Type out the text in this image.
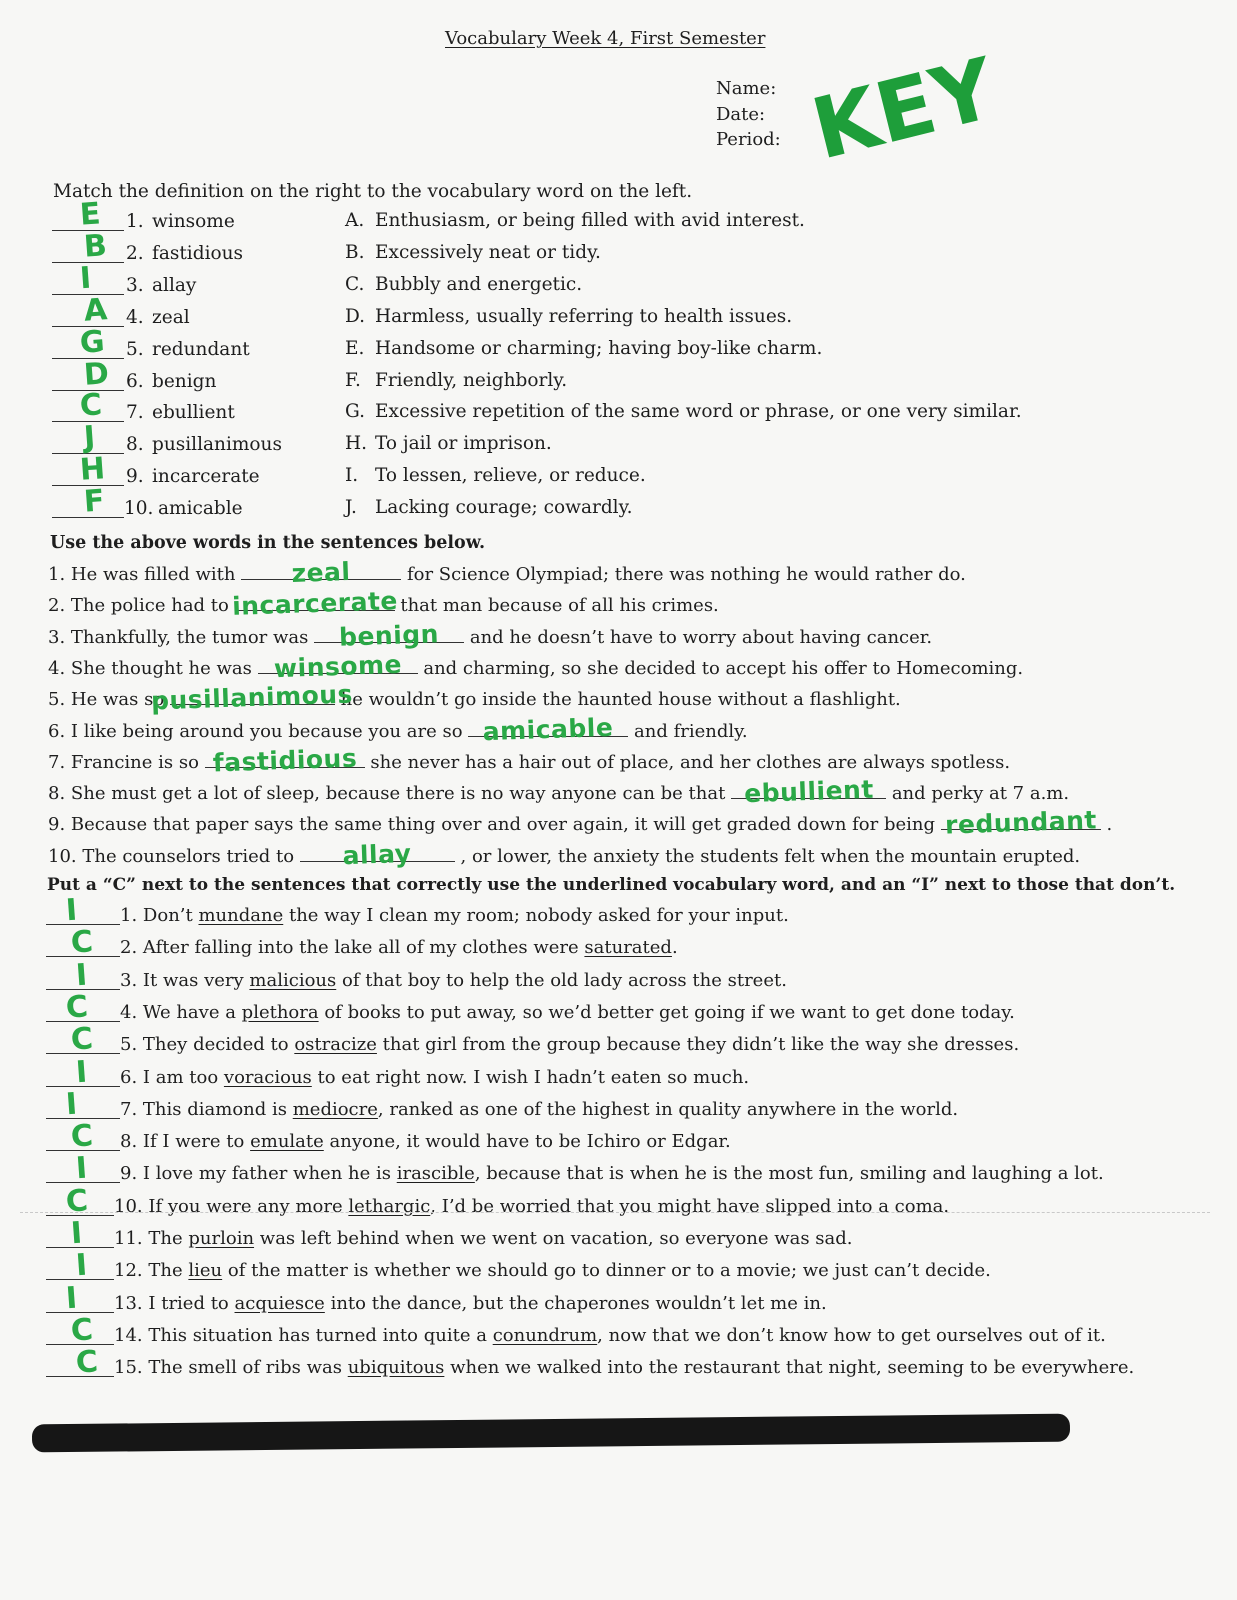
Vocabulary Week 4, First Semester
Name:
Date:
Period: KEY
Match the definition on the right to the vocabulary word on the left.
E 1. winsome
B 2. fastidious
I 3. allay
A 4. zeal
G 5. redundant
D 6. benign
C 7. ebullient
J 8. pusillanimous
H 9. incarcerate
F 10. amicable
A. Enthusiasm, or being filled with avid interest.
B. Excessively neat or tidy.
C. Bubbly and energetic.
D. Harmless, usually referring to health issues.
E. Handsome or charming; having boy-like charm.
F. Friendly, neighborly.
G. Excessive repetition of the same word or phrase, or one very similar.
H. To jail or imprison.
I. To lessen, relieve, or reduce.
J. Lacking courage; cowardly.
Use the above words in the sentences below.
1. He was filled with zeal	for Science Olympiad; there was nothing he would rather do.
2. The police had to incarcerate that man because of all his crimes.
3. Thankfully, the tumor was benign and he doesn’t have to worry about having cancer.
4. She thought he was winsome and charming, so she decided to accept his offer to Homecoming.
5. He was so
pusillanimous
he wouldn’t go inside the haunted house without a flashlight.
6. I like being around you because you are so amicable and friendly.
7. Francine is so fastidious she never has a hair out of place, and her clothes are always spotless.
8. She must get a lot of sleep, because there is no way anyone can be that ebullient and perky at 7 a.m.
9. Because that paper says the same thing over and over again, it will get graded down for being redundant .
10. The counselors tried to allay	, or lower, the anxiety the students felt when the mountain erupted.
Put a “C” next to the sentences that correctly use the underlined vocabulary word, and an “I” next to those that don’t.
I 1. Don’t mundane the way I clean my room; nobody asked for your input.
C 2. After falling into the lake all of my clothes were saturated.
I 3. It was very malicious of that boy to help the old lady across the street.
C 4. We have a plethora of books to put away, so we’d better get going if we want to get done today.
C 5. They decided to ostracize that girl from the group because they didn’t like the way she dresses.
I 6. I am too voracious to eat right now. I wish I hadn’t eaten so much.
I 7. This diamond is mediocre, ranked as one of the highest in quality anywhere in the world.
C 8. If I were to emulate anyone, it would have to be Ichiro or Edgar.
I 9. I love my father when he is irascible, because that is when he is the most fun, smiling and laughing a lot.
C 10. If you were any more lethargic, I’d be worried that you might have slipped into a coma.
I 11. The purloin was left behind when we went on vacation, so everyone was sad.
I 12. The lieu of the matter is whether we should go to dinner or to a movie; we just can’t decide.
I 13. I tried to acquiesce into the dance, but the chaperones wouldn’t let me in.
C 14. This situation has turned into quite a conundrum, now that we don’t know how to get ourselves out of it.
C 15. The smell of ribs was ubiquitous when we walked into the restaurant that night, seeming to be everywhere.
